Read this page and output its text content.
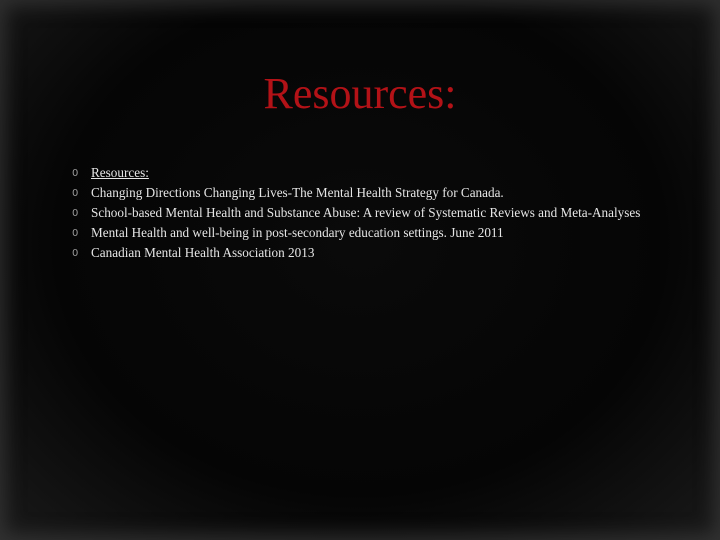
Resources:
0 Resources:
0 Changing Directions Changing Lives-The Mental Health Strategy for Canada.
0 School-based Mental Health and Substance Abuse: A review of Systematic Reviews and Meta-Analyses
0 Mental Health and well-being in post-secondary education settings. June 2011
0 Canadian Mental Health Association 2013
